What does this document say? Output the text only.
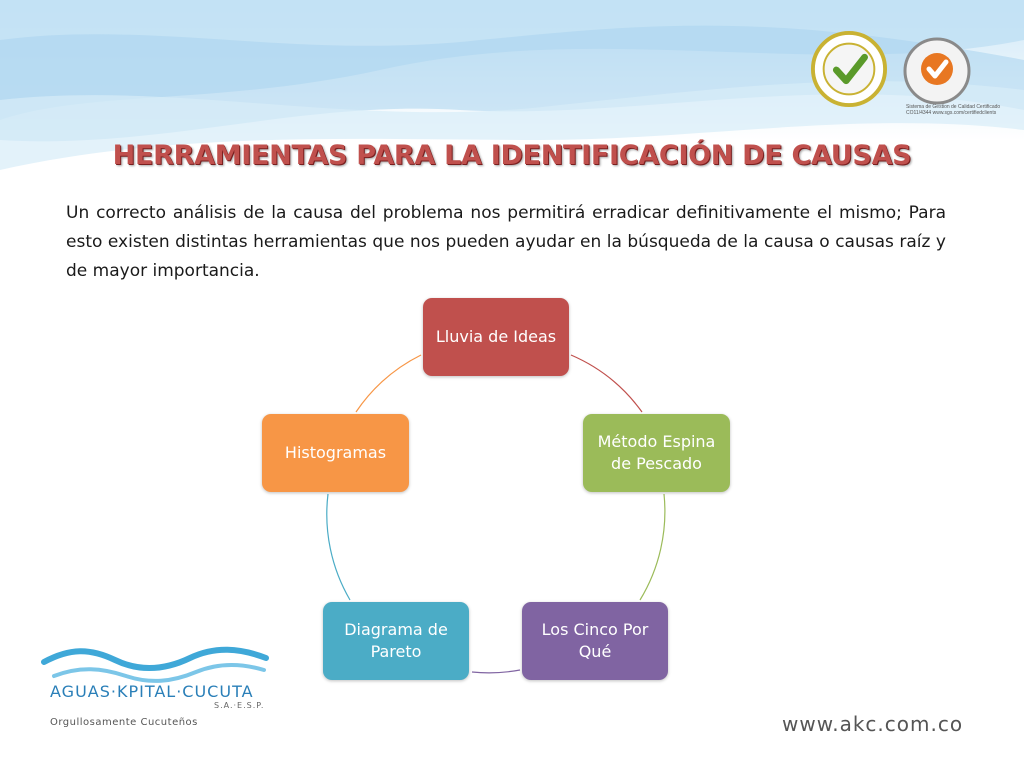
Sistema de Gestion de Calidad Certificado CO11/4344 www.sgs.com/certifiedclients
HERRAMIENTAS PARA LA IDENTIFICACIÓN DE CAUSAS
Un correcto análisis de la causa del problema nos permitirá erradicar definitivamente el mismo; Para esto existen distintas herramientas que nos pueden ayudar en la búsqueda de la causa o causas raíz y de mayor importancia.
Lluvia de Ideas
Método Espina de Pescado
Los Cinco Por Qué
Diagrama de Pareto
Histogramas
AGUAS·KPITAL·CUCUTA
S.A.·E.S.P.
Orgullosamente Cucuteños	www.akc.com.co
